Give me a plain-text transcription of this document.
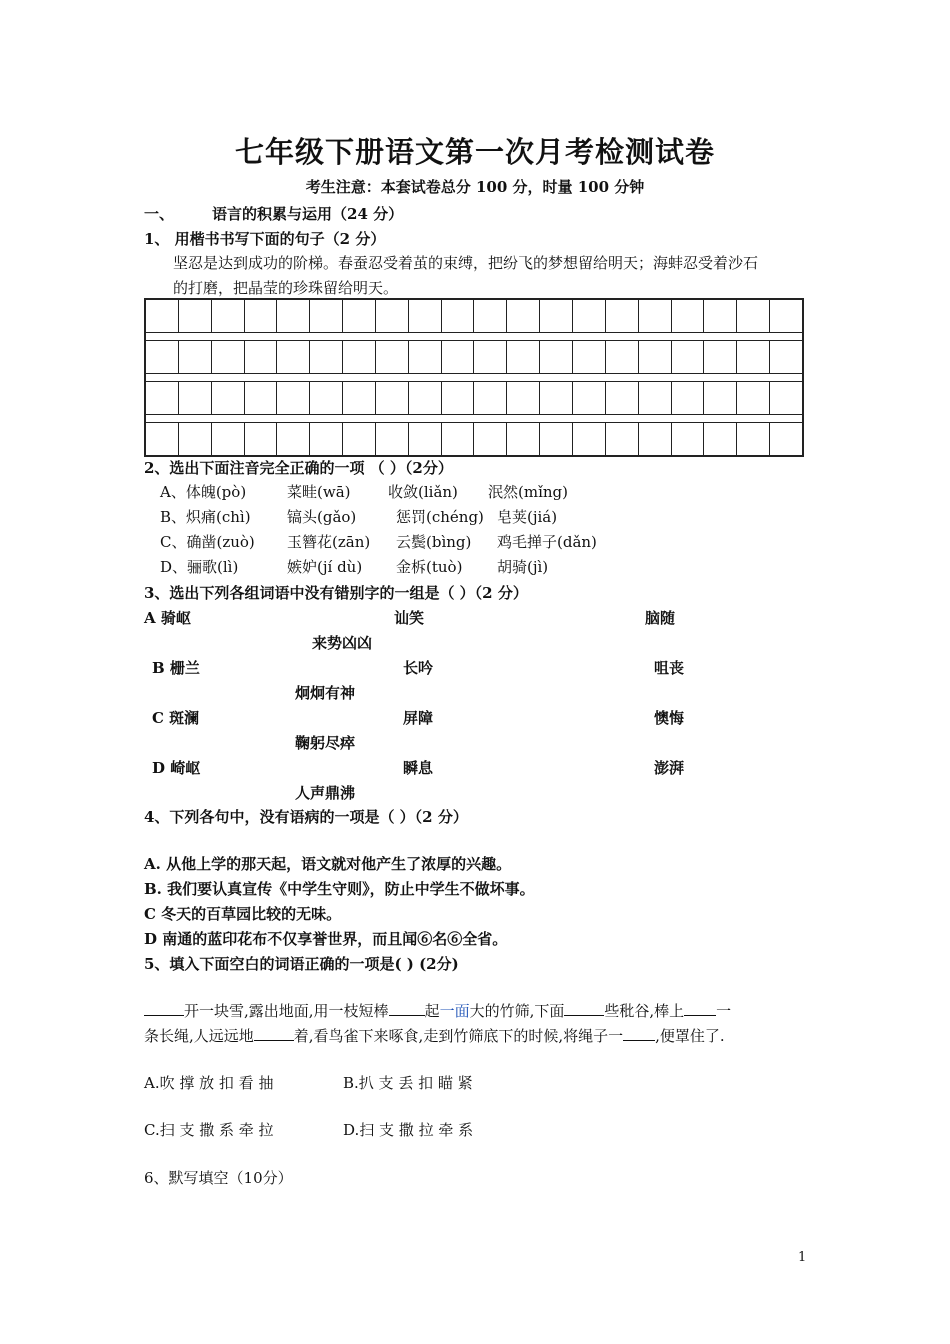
七年级下册语文第一次月考检测试卷
考生注意：本套试卷总分 100 分，时量 100 分钟
一、	语言的积累与运用（24 分）
1、 用楷书书写下面的句子（2 分）
坚忍是达到成功的阶梯。春蚕忍受着茧的束缚，把纷飞的梦想留给明天；海蚌忍受着沙石
的打磨，把晶莹的珍珠留给明天。
2、选出下面注音完全正确的一项 （ ）（2分）
A、体魄(pò)	菜畦(wā)	收敛(liǎn) 泯然(mǐng)
B、炽痛(chì) 镐头(gǎo)	惩罚(chéng) 皂荚(jiá)
C、确凿(zuò) 玉簪花(zān) 云鬓(bìng) 鸡毛掸子(dǎn)
D、骊歌(lì)	嫉妒(jí dù) 金柝(tuò) 胡骑(jì)
3、选出下列各组词语中没有错别字的一组是（ ）（2 分）
A 骑岖	讪笑	脑随
来势凶凶
B 栅兰	长吟	咀丧
炯炯有神
C 斑澜	屏障	懊悔
鞠躬尽瘁
D 崎岖	瞬息	澎湃
人声鼎沸
4、下列各句中，没有语病的一项是（ ）（2 分）
A. 从他上学的那天起，语文就对他产生了浓厚的兴趣。
B. 我们要认真宣传《中学生守则》，防止中学生不做坏事。
C 冬天的百草园比较的无味。
D 南通的蓝印花布不仅享誉世界，而且闻⑥名⑥全省。
5、填入下面空白的词语正确的一项是( ) (2分)
开一块雪,露出地面,用一枝短棒 起一面大的竹筛,下面	些秕谷,棒上 一
条长绳,人远远地	着,看鸟雀下来啄食,走到竹筛底下的时候,将绳子一 ,便罩住了.
A.吹 撑 放 扣 看 抽	B.扒 支 丢 扣 瞄 紧
C.扫 支 撒 系 牵 拉	D.扫 支 撒 拉 牵 系
6、默写填空（10分）
1
